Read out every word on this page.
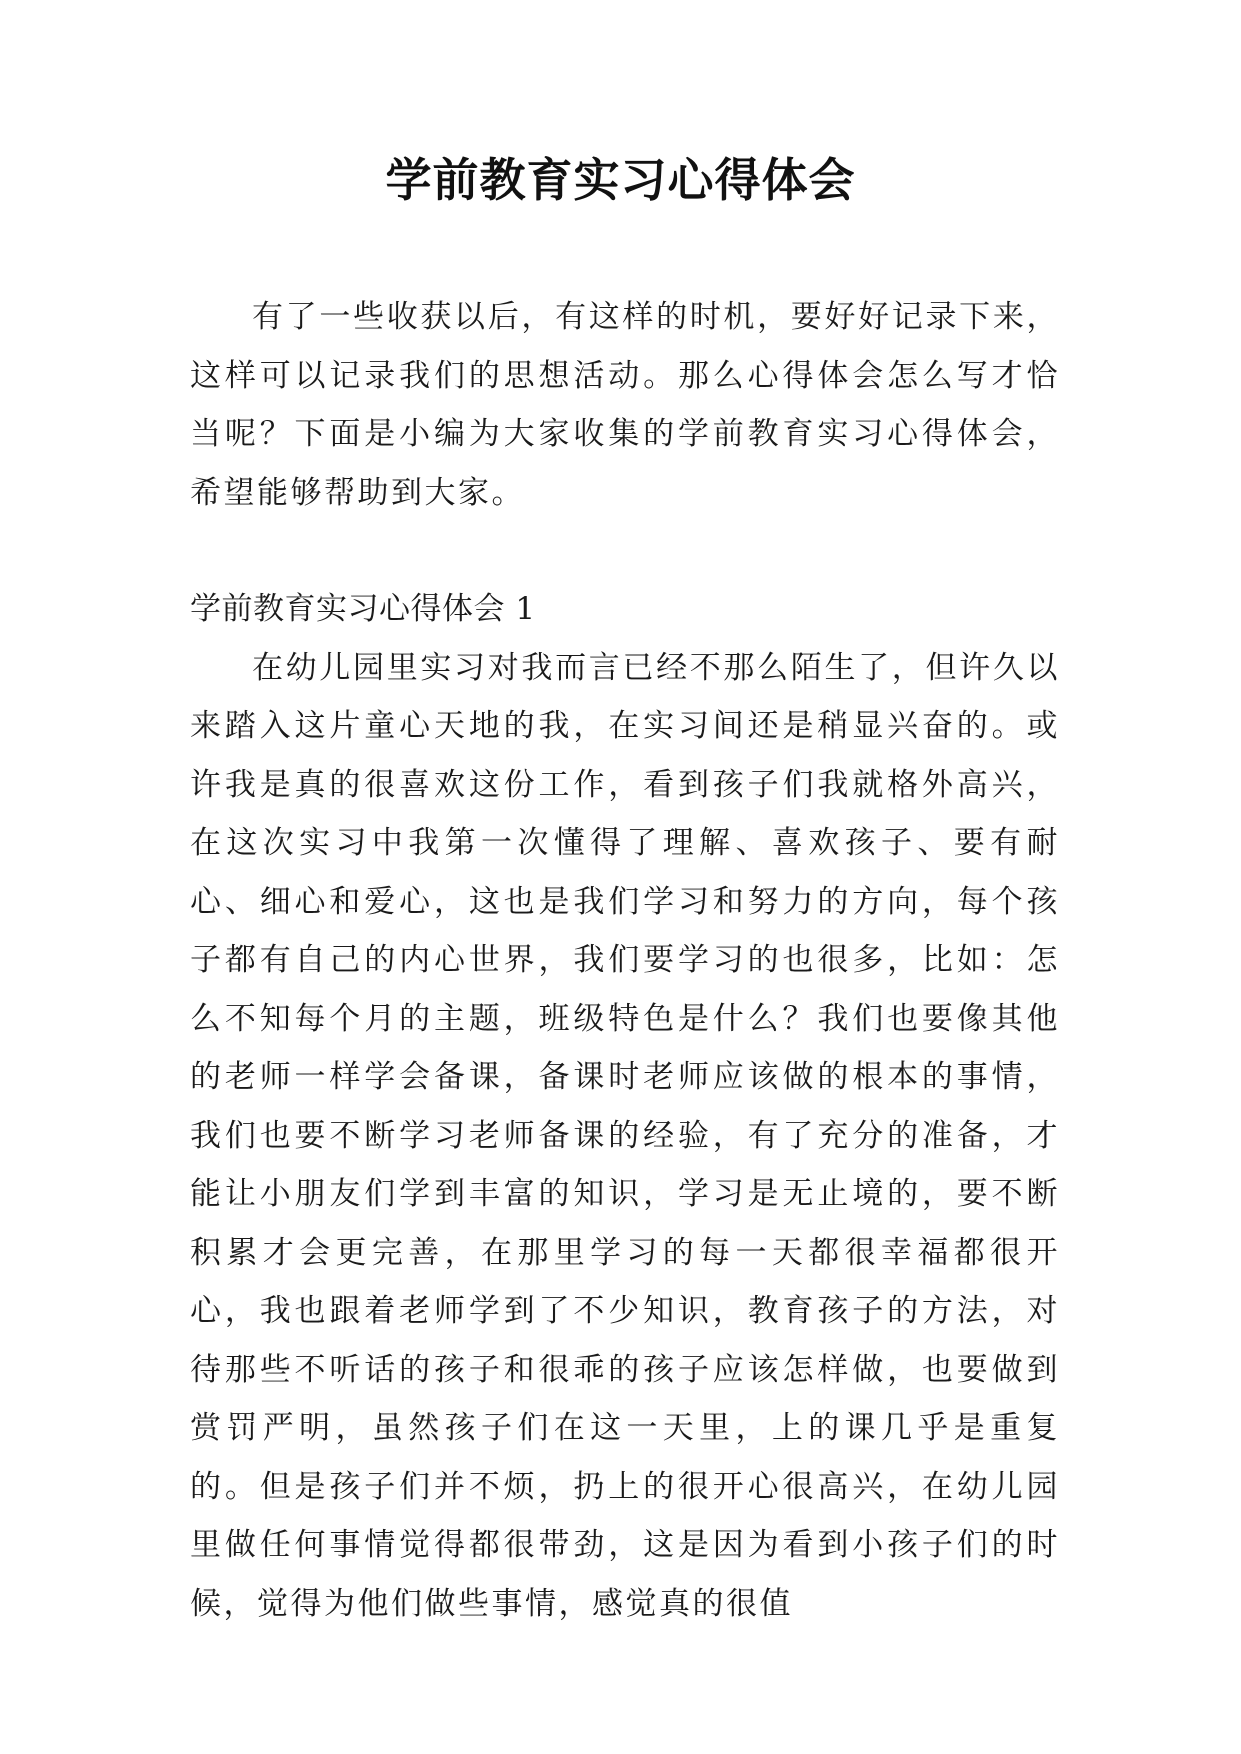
学前教育实习心得体会

有了一些收获以后，有这样的时机，要好好记录下来，这样可以记录我们的思想活动。那么心得体会怎么写才恰当呢？下面是小编为大家收集的学前教育实习心得体会，希望能够帮助到大家。

学前教育实习心得体会 1

在幼儿园里实习对我而言已经不那么陌生了，但许久以来踏入这片童心天地的我，在实习间还是稍显兴奋的。或许我是真的很喜欢这份工作，看到孩子们我就格外高兴，在这次实习中我第一次懂得了理解、喜欢孩子、要有耐心、细心和爱心，这也是我们学习和努力的方向，每个孩子都有自己的内心世界，我们要学习的也很多，比如：怎么不知每个月的主题，班级特色是什么？我们也要像其他的老师一样学会备课，备课时老师应该做的根本的事情，我们也要不断学习老师备课的经验，有了充分的准备，才能让小朋友们学到丰富的知识，学习是无止境的，要不断积累才会更完善，在那里学习的每一天都很幸福都很开心，我也跟着老师学到了不少知识，教育孩子的方法，对待那些不听话的孩子和很乖的孩子应该怎样做，也要做到赏罚严明，虽然孩子们在这一天里，上的课几乎是重复的。但是孩子们并不烦，扔上的很开心很高兴，在幼儿园里做任何事情觉得都很带劲，这是因为看到小孩子们的时候，觉得为他们做些事情，感觉真的很值
